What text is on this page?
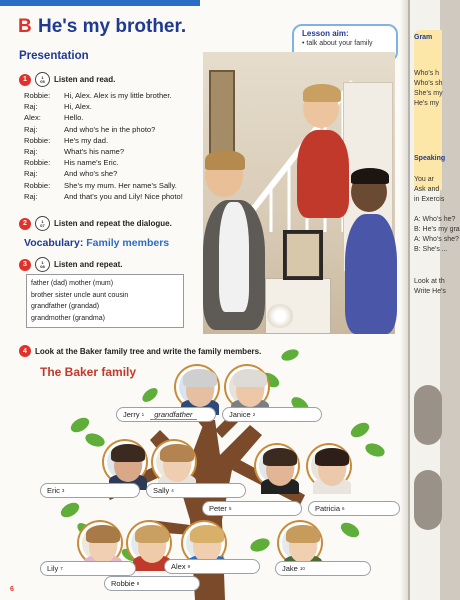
B He's my brother.	Lesson aim:
• talk about your family
Presentation
1	1
05 Listen and read.
Robbie:	Hi, Alex. Alex is my little brother.
Raj:	Hi, Alex.
Alex:	Hello.
Raj:	And who's he in the photo?
Robbie:	He's my dad.
Raj:	What's his name?
Robbie:	His name's Eric.
Raj:	And who's she?
Robbie:	She's my mum. Her name's Sally.
Raj:	And that's you and Lily! Nice photo!
2	1
07 Listen and repeat the dialogue.
Vocabulary: Family members
3	1
08 Listen and repeat.
father (dad) mother (mum)
brother sister uncle aunt cousin
grandfather (grandad)
grandmother (grandma)
4	Look at the Baker family tree and write the family members.
The Baker family
Jerry 1	grandfather	Janice 2
Eric 3	Sally 4
Peter 5	Patricia 6
Lily 7
Robbie 8
Alex 9	Jake 10
6
Gram
Who's h
Who's sh
She's my
He's my
Speaking
You ar
Ask and
in Exercis
A: Who's he?
B: He's my gra
A: Who's she?
B: She's ...
Look at th
Write He's
